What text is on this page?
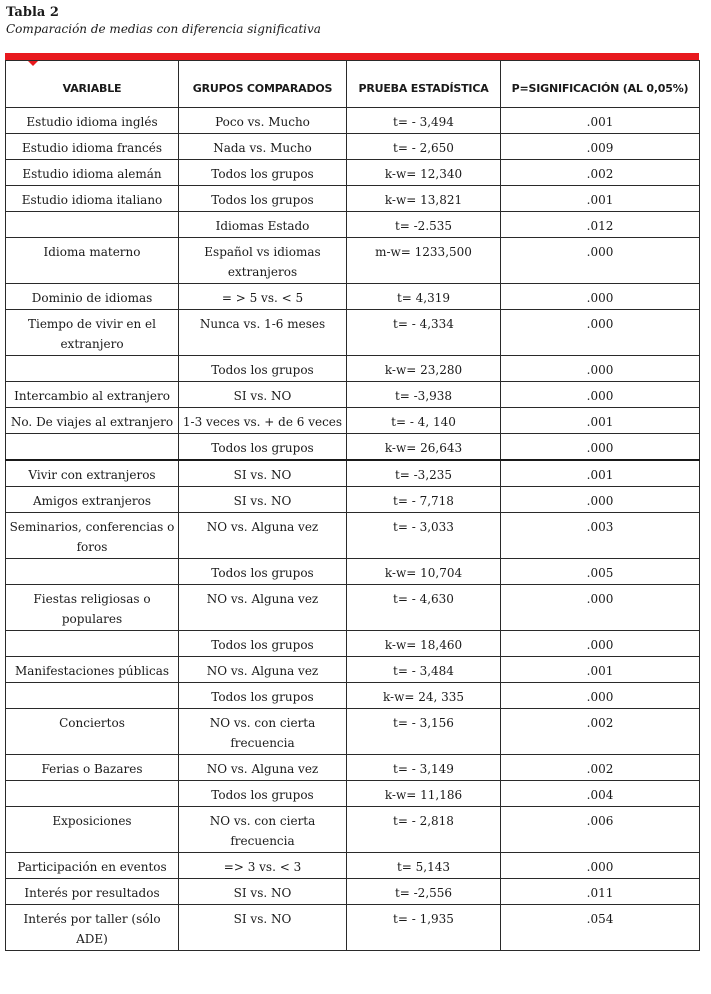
Tabla 2
Comparación de medias con diferencia significativa
VARIABLE	GRUPOS COMPARADOS	PRUEBA ESTADÍSTICA	P=SIGNIFICACIÓN (AL 0,05%)
Estudio idioma inglés	Poco vs. Mucho	t= - 3,494	.001
Estudio idioma francés	Nada vs. Mucho	t= - 2,650	.009
Estudio idioma alemán	Todos los grupos	k-w= 12,340	.002
Estudio idioma italiano	Todos los grupos	k-w= 13,821	.001
	Idiomas Estado	t= -2.535	.012
Idioma materno	Español vs idiomas extranjeros	m-w= 1233,500	.000
Dominio de idiomas	= > 5 vs. < 5	t= 4,319	.000
Tiempo de vivir en el extranjero	Nunca vs. 1-6 meses	t= - 4,334	.000
	Todos los grupos	k-w= 23,280	.000
Intercambio al extranjero	SI vs. NO	t= -3,938	.000
No. De viajes al extranjero	1-3 veces vs. + de 6 veces	t= - 4, 140	.001
	Todos los grupos	k-w= 26,643	.000
Vivir con extranjeros	SI vs. NO	t= -3,235	.001
Amigos extranjeros	SI vs. NO	t= - 7,718	.000
Seminarios, conferencias o foros	NO vs. Alguna vez	t= - 3,033	.003
	Todos los grupos	k-w= 10,704	.005
Fiestas religiosas o populares	NO vs. Alguna vez	t= - 4,630	.000
	Todos los grupos	k-w= 18,460	.000
Manifestaciones públicas	NO vs. Alguna vez	t= - 3,484	.001
	Todos los grupos	k-w= 24, 335	.000
Conciertos	NO vs. con cierta frecuencia	t= - 3,156	.002
Ferias o Bazares	NO vs. Alguna vez	t= - 3,149	.002
	Todos los grupos	k-w= 11,186	.004
Exposiciones	NO vs. con cierta frecuencia	t= - 2,818	.006
Participación en eventos	=> 3 vs. < 3	t= 5,143	.000
Interés por resultados	SI vs. NO	t= -2,556	.011
Interés por taller (sólo ADE)	SI vs. NO	t= - 1,935	.054
